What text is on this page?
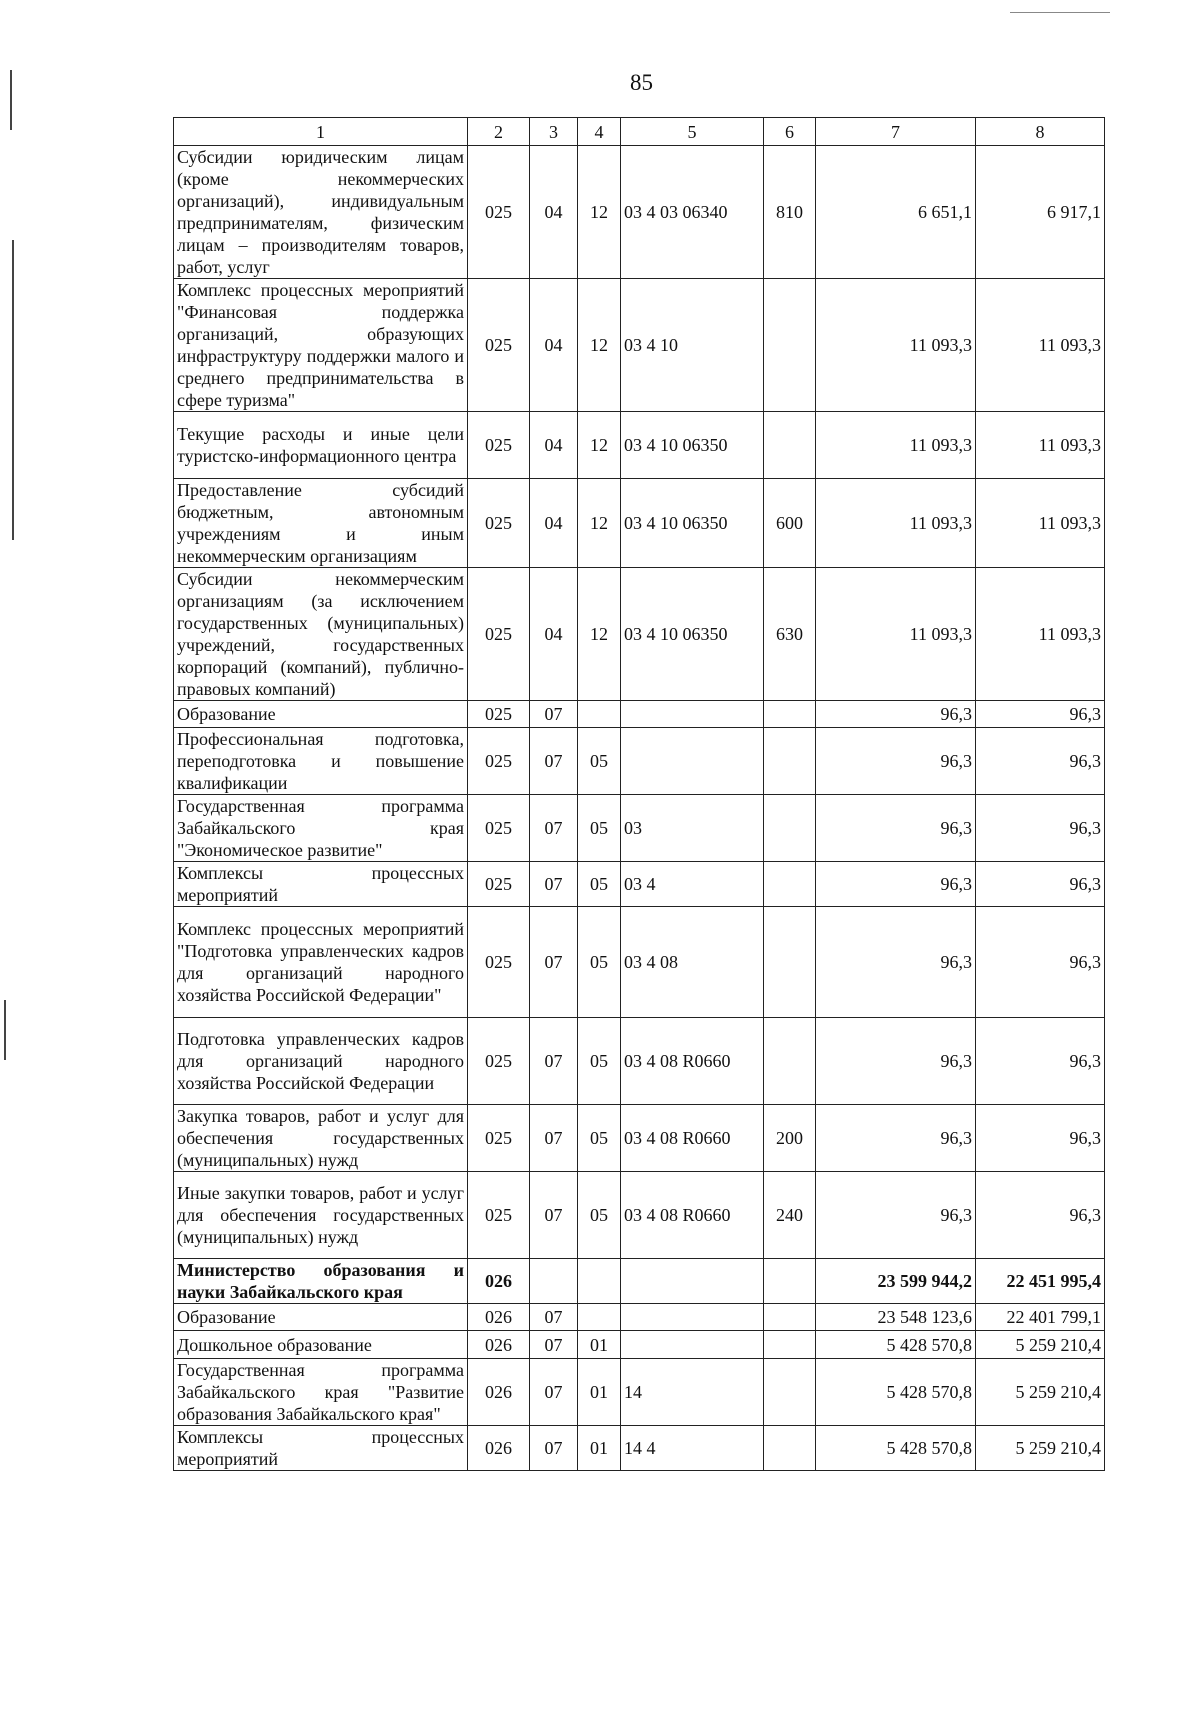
85
1	2	3	4	5	6	7	8
Субсидии юридическим лицам (кроме некоммерческих организаций), индивидуальным предпринимателям, физическим лицам – производителям товаров, работ, услуг	025	04	12	03 4 03 06340	810	6 651,1	6 917,1
Комплекс процессных мероприятий "Финансовая поддержка организаций, образующих инфраструктуру поддержки малого и среднего предпринимательства в сфере туризма"	025	04	12	03 4 10		11 093,3	11 093,3
Текущие расходы и иные цели туристско-информационного центра	025	04	12	03 4 10 06350		11 093,3	11 093,3
Предоставление субсидий бюджетным, автономным учреждениям и иным некоммерческим организациям	025	04	12	03 4 10 06350	600	11 093,3	11 093,3
Субсидии некоммерческим организациям (за исключением государственных (муниципальных) учреждений, государственных корпораций (компаний), публично-правовых компаний)	025	04	12	03 4 10 06350	630	11 093,3	11 093,3
Образование	025	07				96,3	96,3
Профессиональная подготовка, переподготовка и повышение квалификации	025	07	05			96,3	96,3
Государственная программа Забайкальского края "Экономическое развитие"	025	07	05	03		96,3	96,3
Комплексы процессных мероприятий	025	07	05	03 4		96,3	96,3
Комплекс процессных мероприятий "Подготовка управленческих кадров для организаций народного хозяйства Российской Федерации"	025	07	05	03 4 08		96,3	96,3
Подготовка управленческих кадров для организаций народного хозяйства Российской Федерации	025	07	05	03 4 08 R0660		96,3	96,3
Закупка товаров, работ и услуг для обеспечения государственных (муниципальных) нужд	025	07	05	03 4 08 R0660	200	96,3	96,3
Иные закупки товаров, работ и услуг для обеспечения государственных (муниципальных) нужд	025	07	05	03 4 08 R0660	240	96,3	96,3
Министерство образования и науки Забайкальского края	026					23 599 944,2	22 451 995,4
Образование	026	07				23 548 123,6	22 401 799,1
Дошкольное образование	026	07	01			5 428 570,8	5 259 210,4
Государственная программа Забайкальского края "Развитие образования Забайкальского края"	026	07	01	14		5 428 570,8	5 259 210,4
Комплексы процессных мероприятий	026	07	01	14 4		5 428 570,8	5 259 210,4
